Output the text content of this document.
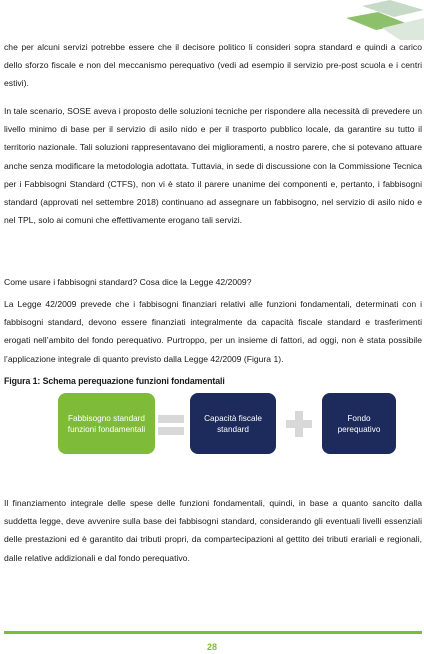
che per alcuni servizi potrebbe essere che il decisore politico li consideri sopra standard e quindi a carico dello sforzo fiscale e non del meccanismo perequativo (vedi ad esempio il servizio pre-post scuola e i centri estivi).

In tale scenario, SOSE aveva i proposto delle soluzioni tecniche per rispondere alla necessità di prevedere un livello minimo di base per il servizio di asilo nido e per il trasporto pubblico locale, da garantire su tutto il territorio nazionale. Tali soluzioni rappresentavano dei miglioramenti, a nostro parere, che si potevano attuare anche senza modificare la metodologia adottata. Tuttavia, in sede di discussione con la Commissione Tecnica per i Fabbisogni Standard (CTFS), non vi è stato il parere unanime dei componenti e, pertanto, i fabbisogni standard (approvati nel settembre 2018) continuano ad assegnare un fabbisogno, nel servizio di asilo nido e nel TPL, solo ai comuni che effettivamente erogano tali servizi.

Come usare i fabbisogni standard? Cosa dice la Legge 42/2009?

La Legge 42/2009 prevede che i fabbisogni finanziari relativi alle funzioni fondamentali, determinati con i fabbisogni standard, devono essere finanziati integralmente da capacità fiscale standard e trasferimenti erogati nell’ambito del fondo perequativo. Purtroppo, per un insieme di fattori, ad oggi, non è stata possibile l’applicazione integrale di quanto previsto dalla Legge 42/2009 (Figura 1).

Figura 1: Schema perequazione funzioni fondamentali

Fabbisogno standard funzioni fondamentali
Capacità fiscale standard
Fondo perequativo

Il finanziamento integrale delle spese delle funzioni fondamentali, quindi, in base a quanto sancito dalla suddetta legge, deve avvenire sulla base dei fabbisogni standard, considerando gli eventuali livelli essenziali delle prestazioni ed è garantito dai tributi propri, da compartecipazioni al gettito dei tributi erariali e regionali, dalle relative addizionali e dal fondo perequativo.

28
